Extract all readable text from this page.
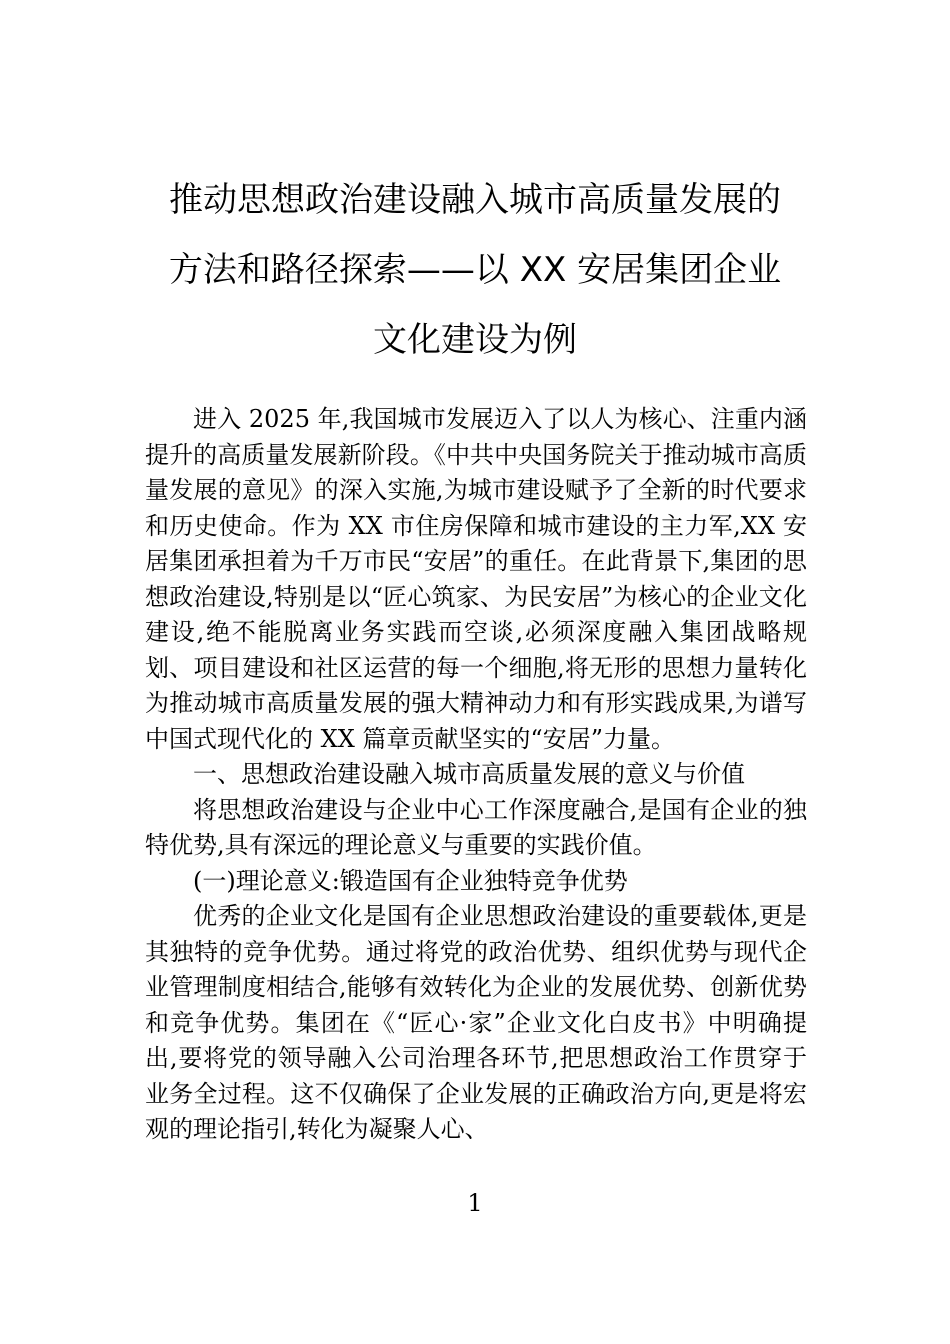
推动思想政治建设融入城市高质量发展的
方法和路径探索——以 XX 安居集团企业
文化建设为例

进入 2025 年,我国城市发展迈入了以人为核心、注重内涵提升的高质量发展新阶段。《中共中央国务院关于推动城市高质量发展的意见》的深入实施,为城市建设赋予了全新的时代要求和历史使命。作为 XX 市住房保障和城市建设的主力军,XX 安居集团承担着为千万市民“安居”的重任。在此背景下,集团的思想政治建设,特别是以“匠心筑家、为民安居”为核心的企业文化建设,绝不能脱离业务实践而空谈,必须深度融入集团战略规划、项目建设和社区运营的每一个细胞,将无形的思想力量转化为推动城市高质量发展的强大精神动力和有形实践成果,为谱写中国式现代化的 XX 篇章贡献坚实的“安居”力量。

一、思想政治建设融入城市高质量发展的意义与价值

将思想政治建设与企业中心工作深度融合,是国有企业的独特优势,具有深远的理论意义与重要的实践价值。

(一)理论意义:锻造国有企业独特竞争优势

优秀的企业文化是国有企业思想政治建设的重要载体,更是其独特的竞争优势。通过将党的政治优势、组织优势与现代企业管理制度相结合,能够有效转化为企业的发展优势、创新优势和竞争优势。集团在《“匠心·家”企业文化白皮书》中明确提出,要将党的领导融入公司治理各环节,把思想政治工作贯穿于业务全过程。这不仅确保了企业发展的正确政治方向,更是将宏观的理论指引,转化为凝聚人心、

1
